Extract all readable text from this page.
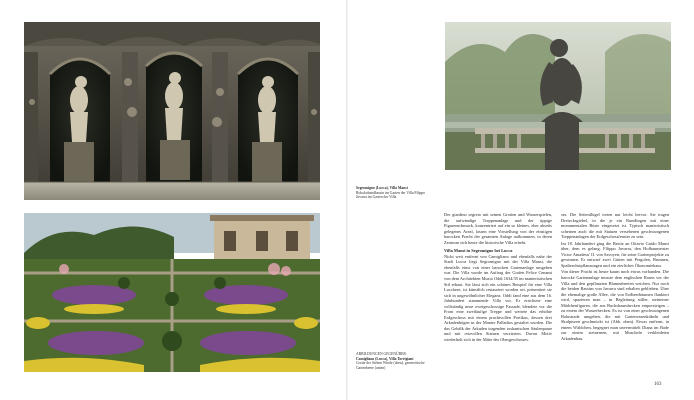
Segromigno (Lucca), Villa Mansi
Rokokohandbassin im Garten der Villa Filippo Juvarra im Garten der Villa
ABBILDUNGEN GEGENÜBER:
Camigliano (Lucca), Villa Torrigiani
Grotte der Sieben Winde (oben), geometrische Gartenbeete (unten)

Der giardino segreto mit seinen Grotten und Wasserspielen, die aufwändige Treppenanlage und der üppige Figurenschmuck, konzentriert auf ein so kleines, eher abseits gelegenes Areal, lassen eine Vorstellung von der einstigen barocken Pracht der gesamten Anlage aufkommen, in deren Zentrum sich heute die historische Villa erhebt.

Villa Mansi in Segromigno bei Lucca

Nicht weit entfernt von Camigliano und ebenfalls nahe der Stadt Lucca liegt Segromigno mit der Villa Mansi, die ebenfalls einst von einer barocken Gartenanlage umgeben war. Die Villa wurde im Auftrag der Grafen Felice Cenami von dem Architekten Muzio Oddi 1634/35 im manieristischen Stil erbaut. Sie lässt sich ein schönes Beispiel für eine Villa Lucchese, ist künstlich restauriert worden sei, präsentiert sie sich in ungewöhnlicher Eleganz. Oddi fand eine aus dem 16. Jahrhundert stammende Villa vor. Er errichtete eine vollständig neue zweigeschossige Fassade, blendete vor die Front eine zweiläufige Treppe und wertete das erhöhte Erdgeschoss mit einem prachtvollen Portikus, dessen drei Arkadenbögen in der Manier Palladios gestaltet wurden. Die das Gebälk der Arkaden tragenden toskanischen Säulenpaare und mit reizvollen Statuen verzierten. Davon Motiv wiederholt sich in der Mitte des Obergeschosses.

ses. Die Seitenflügel treten nur leicht hervor. Sie tragen Dreiecksgiebel, in die je ein Rundbogen mit einer monumentalen Büste eingesetzt ist. Typisch manieristisch scheinen auch die mit Statuen versehenen geschwungenen Treppenanlagen der Erdgeschossfenster zu sein.

Im 18. Jahrhundert ging die Besitz an Ottavio Guido Mansi über, dem es gelang, Filippo Juvarra, den Hofbaumeister Victor Amadeus' II. von Savoyen, für seine Gartenprojekte zu gewinnen. Er entwarf zwei Gärten mit Pergolen, Brunnen, Spalierobstpflanzungen und ein zierliches Ökonomiehaus.

Von dieser Pracht ist heute kaum noch etwas vorhanden. Die barocke Gartenanlage musste dem englischen Rasen vor der Villa und den gepflanzten Blumenbeeten weichen. Nur noch die beiden Bassins von Juvarra sind erhalten geblieben. Über die ehemalige große Allee, die von Erdbeerbäumen flankiert wird, spazieren man – in Begleitung stiller, steinerner Mädchenfiguren, die aus Buchsbaumhecken emporsteigen – zu einem der Wasserbecken. Es ist von einer geschwungenen Balustrade umgeben, die mit Gartenvasenkübeln und Skulpturen geschmückt ist (Abb. oben). Etwas entfernt, in einem Wäldchen, begegnet man unvermittelt Diana im Bade zur einem steinernen, mit Muscheln verkleideten Arkadenbau.

163
